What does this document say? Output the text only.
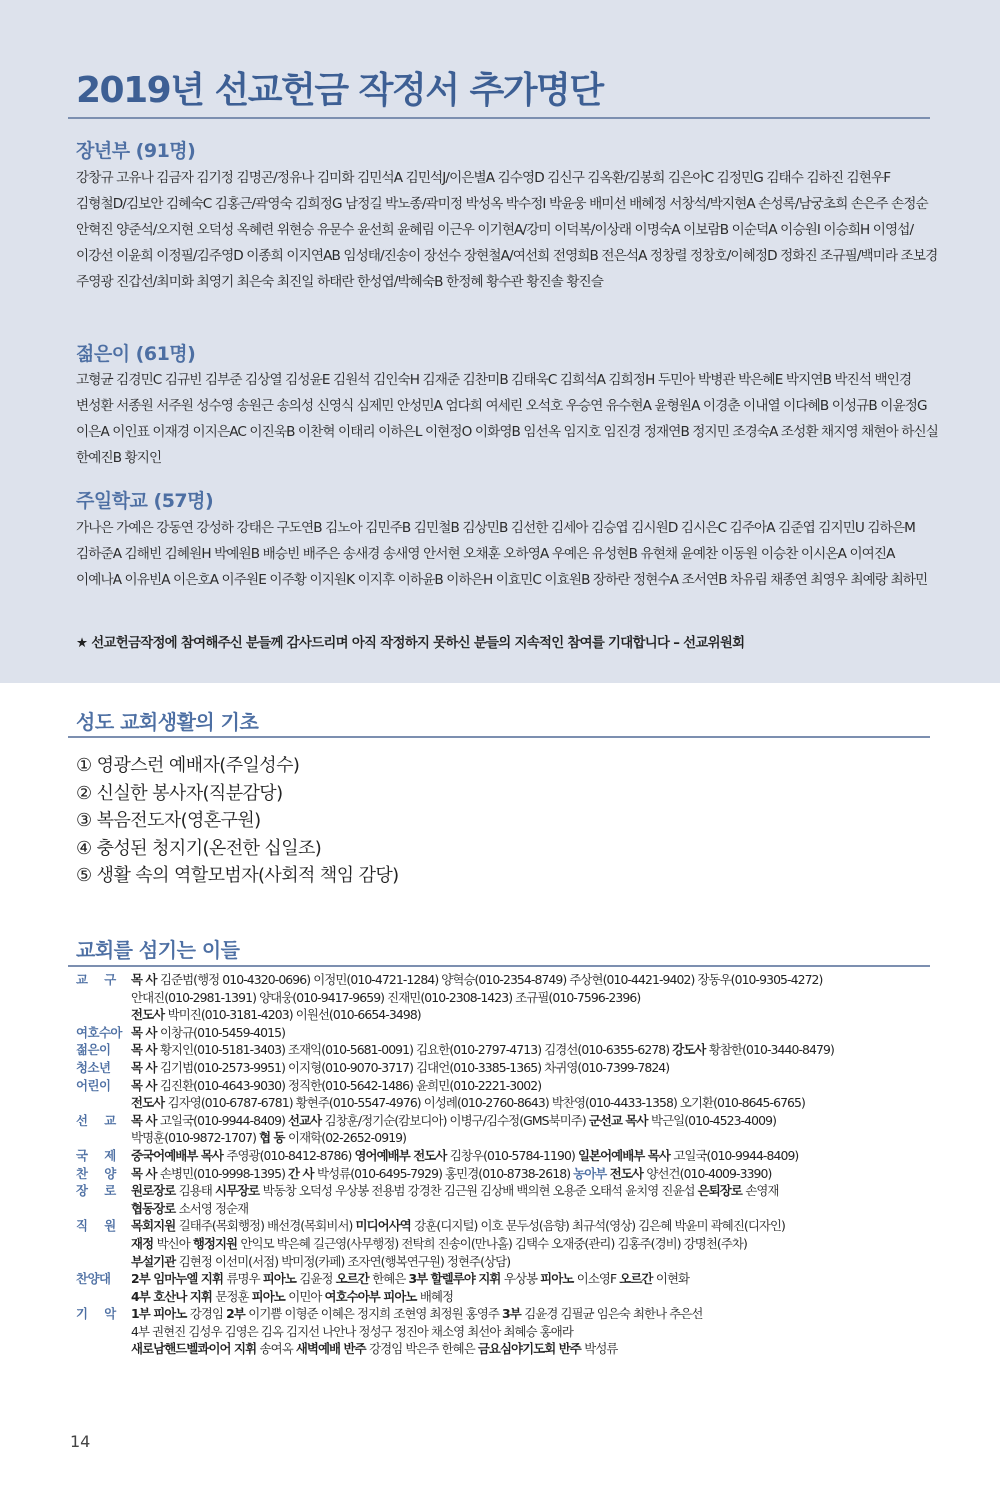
2019년 선교헌금 작정서 추가명단
장년부 (91명)

강창규 고유나 김금자 김기정 김명곤/정유나 김미화 김민석A 김민석J/이은별A 김수영D 김신구 김옥환/김봉희 김은아C 김정민G 김태수 김하진 김현우F 김형철D/김보안 김혜숙C 김홍근/곽영숙 김희정G 남정길 박노종/곽미정 박성옥 박수정I 박윤웅 배미선 배혜정 서창석/박지현A 손성록/남궁초희 손은주 손정순 안혁진 양준석/오지현 오덕성 옥혜련 위현승 유문수 윤선희 윤혜림 이근우 이기현A/강미 이덕복/이상래 이명숙A 이보람B 이순덕A 이승원I 이승희H 이영섭/이강선 이윤희 이정필/김주영D 이종희 이지연AB 임성태/진송이 장선수 장현철A/여선희 전영희B 전은석A 정창렬 정창호/이혜정D 정화진 조규필/백미라 조보경 주영광 진갑선/최미화 최영기 최은숙 최진일 하태란 한성엽/박혜숙B 한정혜 황수관 황진솔 황진슬

젊은이 (61명)

고형균 김경민C 김규빈 김부준 김상열 김성윤E 김원석 김인숙H 김재준 김찬미B 김태욱C 김희석A 김희정H 두민아 박병관 박은혜E 박지연B 박진석 백인경 변성환 서종원 서주원 성수영 송원근 송의성 신영식 심제민 안성민A 엄다희 여세린 오석호 우승연 유수현A 윤형원A 이경춘 이내열 이다혜B 이성규B 이윤정G 이은A 이인표 이재경 이지은AC 이진욱B 이찬혁 이태리 이하은L 이현정O 이화영B 임선옥 임지호 임진경 정재연B 정지민 조경숙A 조성환 채지영 채현아 하신실 한예진B 황지인

주일학교 (57명)

가나은 가예은 강동연 강성하 강태은 구도연B 김노아 김민주B 김민철B 김상민B 김선한 김세아 김승엽 김시원D 김시은C 김주아A 김준엽 김지민U 김하은M 김하준A 김해빈 김혜원H 박예원B 배승빈 배주은 송새경 송새영 안서현 오채훈 오하영A 우예은 유성현B 유현채 윤예찬 이동원 이승찬 이시온A 이여진A 이예나A 이유빈A 이은호A 이주원E 이주황 이지원K 이지후 이하윤B 이하은H 이효민C 이효원B 장하란 정현수A 조서연B 차유림 채종연 최영우 최예랑 최하민

★ 선교헌금작정에 참여해주신 분들께 감사드리며 아직 작정하지 못하신 분들의 지속적인 참여를 기대합니다 – 선교위원회
성도 교회생활의 기초
① 영광스런 예배자(주일성수)
② 신실한 봉사자(직분감당)
③ 복음전도자(영혼구원)
④ 충성된 청지기(온전한 십일조)
⑤ 생활 속의 역할모범자(사회적 책임 감당)
교회를 섬기는 이들
교 구 목 사 김준범(행정 010-4320-0696) 이정민(010-4721-1284) 양혁승(010-2354-8749) 주상현(010-4421-9402) 장동우(010-9305-4272)
안대진(010-2981-1391) 양대웅(010-9417-9659) 진재민(010-2308-1423) 조규필(010-7596-2396)
전도사 박미진(010-3181-4203) 이원선(010-6654-3498)
여호수아 목 사 이창규(010-5459-4015)
젊은이	목 사 황지인(010-5181-3403) 조재익(010-5681-0091) 김요한(010-2797-4713) 김경선(010-6355-6278) 강도사 황참한(010-3440-8479)
청소년	목 사 김기범(010-2573-9951) 이지형(010-9070-3717) 김대언(010-3385-1365) 차귀영(010-7399-7824)
어린이	목 사 김진환(010-4643-9030) 정직한(010-5642-1486) 윤희민(010-2221-3002)
전도사 김자영(010-6787-6781) 황현주(010-5547-4976) 이성례(010-2760-8643) 박찬영(010-4433-1358) 오기환(010-8645-6765)
선 교 목 사 고일국(010-9944-8409) 선교사 김창훈/정기순(캄보디아) 이병구/김수정(GMS북미주) 군선교 목사 박근일(010-4523-4009)
박명훈(010-9872-1707) 협 동 이재학(02-2652-0919)
국 제 중국어예배부 목사 주영광(010-8412-8786) 영어예배부 전도사 김창우(010-5784-1190) 일본어예배부 목사 고일국(010-9944-8409)
찬 양 목 사 손병민(010-9998-1395) 간 사 박성류(010-6495-7929) 홍민경(010-8738-2618) 농아부 전도사 양선건(010-4009-3390)
장 로 원로장로 김용태 시무장로 박동창 오덕성 우상봉 전용범 강경찬 김근원 김상배 백의현 오용준 오태석 윤치영 진윤섭 은퇴장로 손영재
협동장로 소서영 정순재
직 원 목회지원 길태주(목회행정) 배선경(목회비서) 미디어사역 강훈(디지털) 이호 문두성(음향) 최규석(영상) 김은혜 박윤미 곽혜진(디자인)
재정 박신아 행정지원 안익모 박은혜 길근영(사무행정) 전탁희 진송이(만나홀) 김택수 오재중(관리) 김홍주(경비) 강명천(주차)
부설기관 김현정 이선미(서점) 박미정(카페) 조자연(행복연구원) 정현주(상담)
찬양대	2부 임마누엘 지휘 류명우 피아노 김윤정 오르간 한혜은 3부 할렐루야 지휘 우상봉 피아노 이소영F 오르간 이현화
4부 호산나 지휘 문정훈 피아노 이민아 여호수아부 피아노 배혜정
기 악 1부 피아노 강경임 2부 이기쁨 이형준 이혜은 정지희 조현영 최정원 홍영주 3부 김윤경 김필균 임은숙 최한나 추은선
4부 권현진 김성우 김영은 김옥 김지선 나안나 정성구 정진아 채소영 최선아 최혜승 홍애라
새로남핸드벨콰이어 지휘 송여옥 새벽예배 반주 강경임 박은주 한혜은 금요심야기도회 반주 박성류
14
